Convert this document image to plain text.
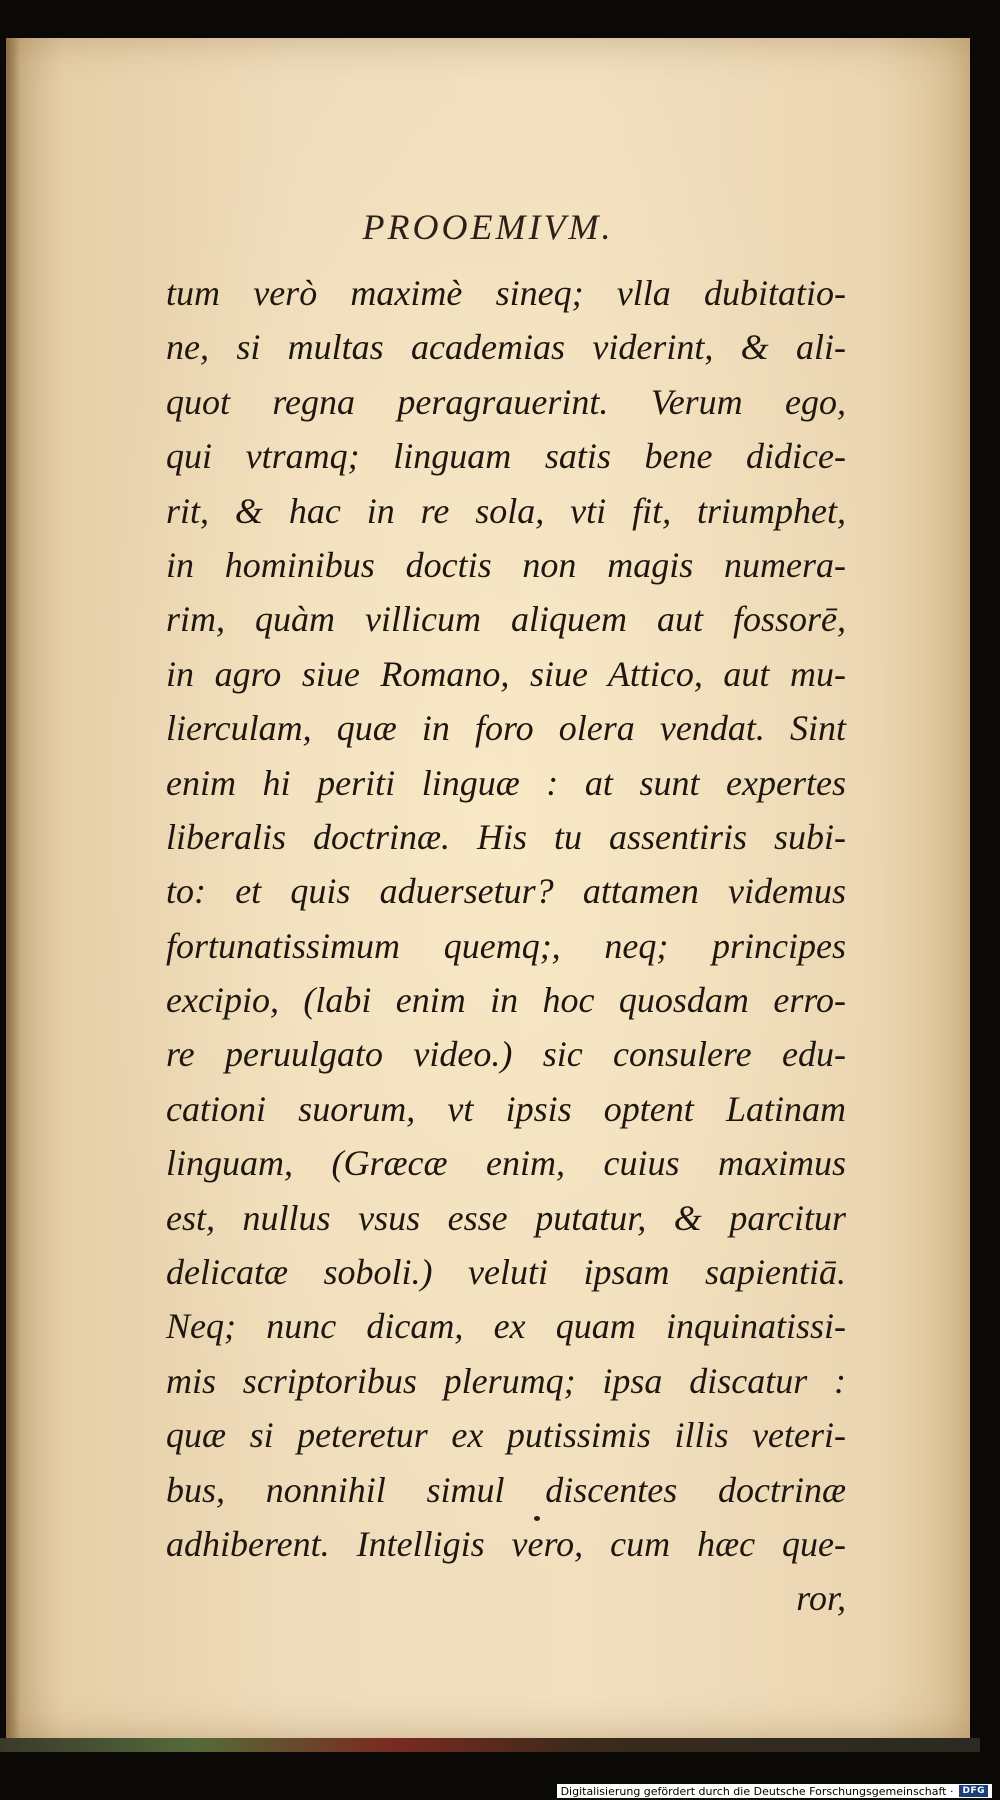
PROOEMIVM.
tum verò maximè sineq; vlla dubitatio-
ne, si multas academias viderint, & ali-
quot regna peragrauerint. Verum ego,
qui vtramq; linguam satis bene didice-
rit, & hac in re sola, vti fit, triumphet,
in hominibus doctis non magis numera-
rim, quàm villicum aliquem aut fossorē,
in agro siue Romano, siue Attico, aut mu-
lierculam, quæ in foro olera vendat. Sint
enim hi periti linguæ : at sunt expertes
liberalis doctrinæ. His tu assentiris subi-
to: et quis aduersetur? attamen videmus
fortunatissimum quemq;, neq; principes
excipio, (labi enim in hoc quosdam erro-
re peruulgato video.) sic consulere edu-
cationi suorum, vt ipsis optent Latinam
linguam, (Græcæ enim, cuius maximus
est, nullus vsus esse putatur, & parcitur
delicatæ soboli.) veluti ipsam sapientiā.
Neq; nunc dicam, ex quam inquinatissi-
mis scriptoribus plerumq; ipsa discatur :
quæ si peteretur ex putissimis illis veteri-
bus, nonnihil simul discentes doctrinæ
adhiberent. Intelligis vero, cum hæc que-
ror,
Digitalisierung gefördert durch die Deutsche Forschungsgemeinschaft ·	DFG
